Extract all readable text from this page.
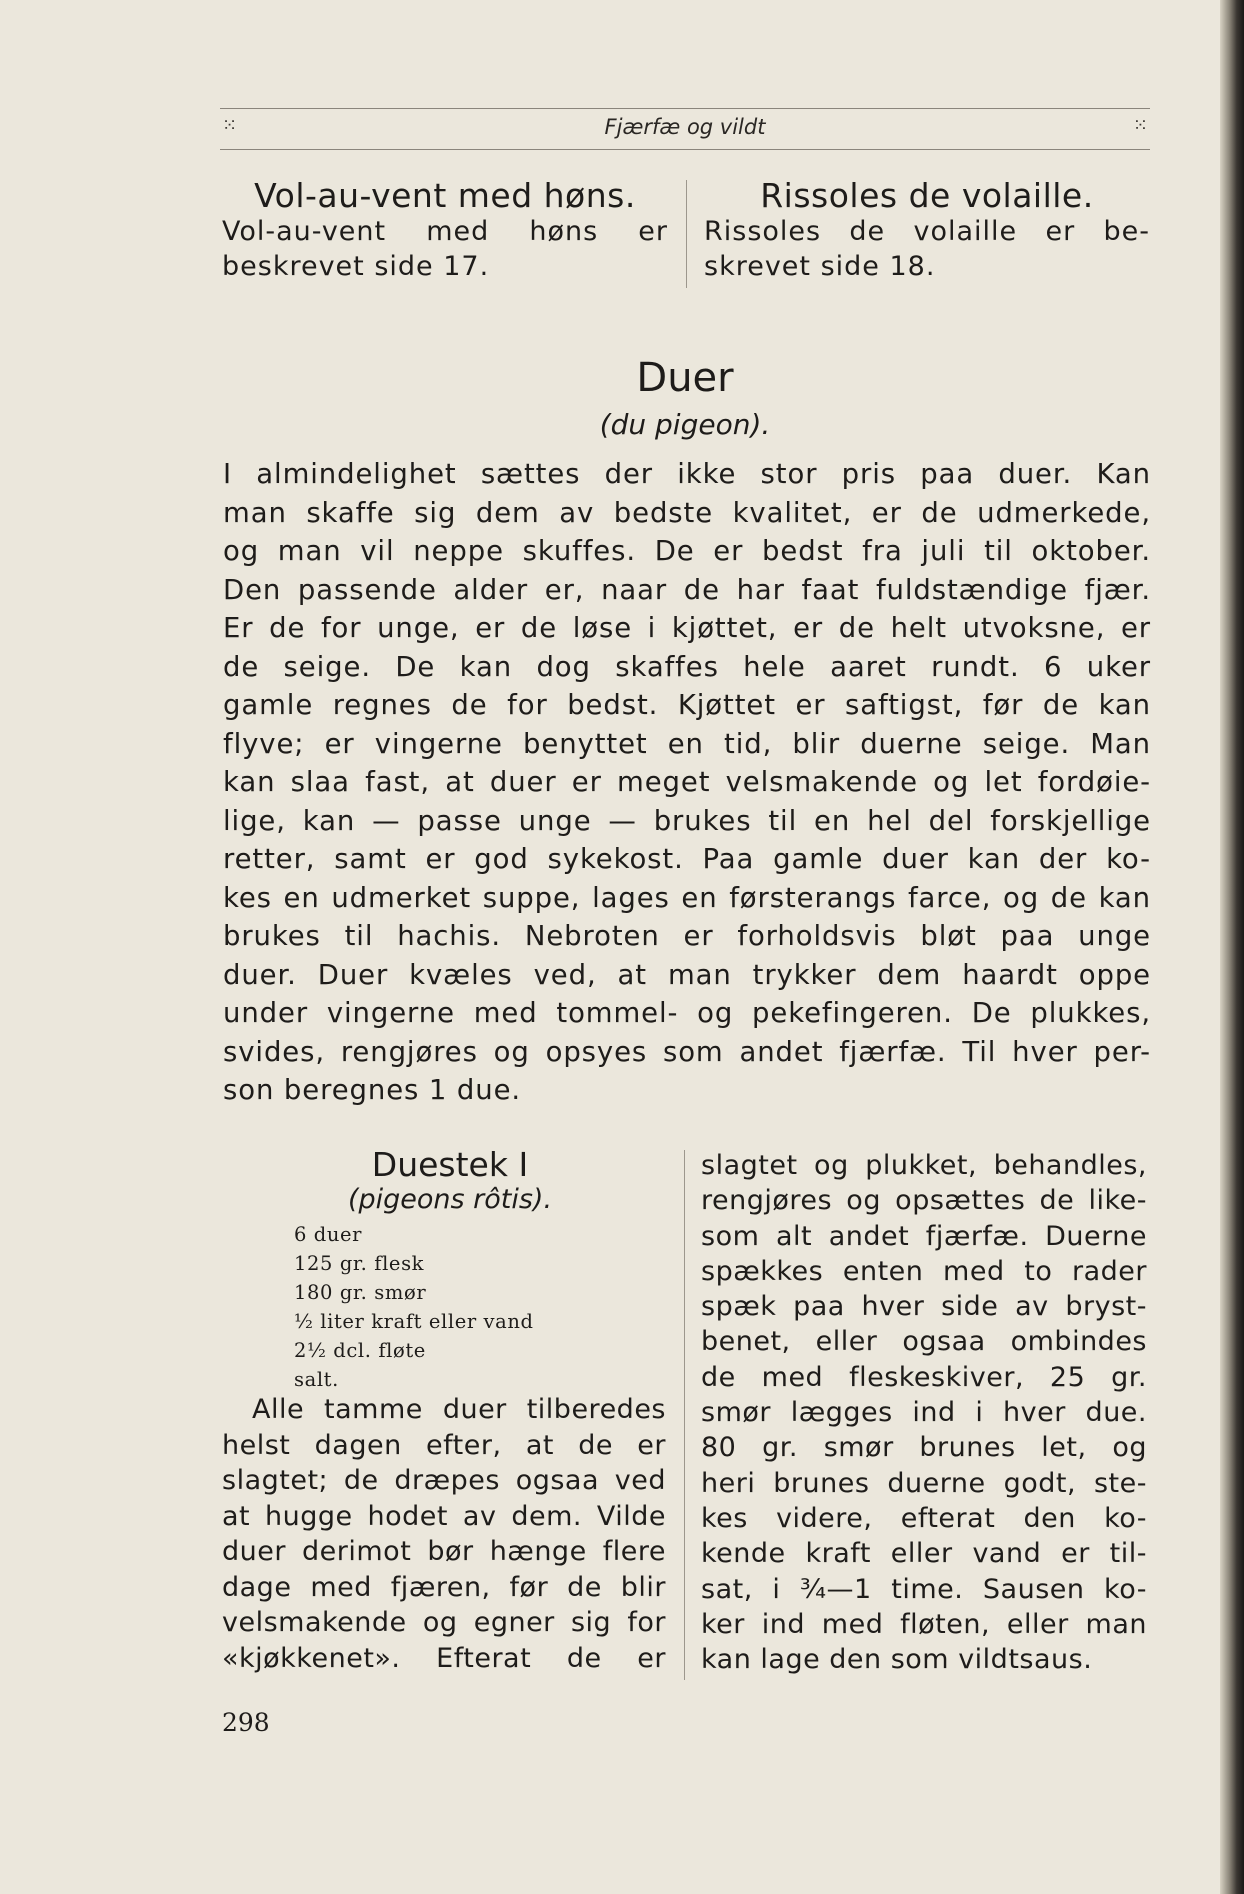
⁙	Fjærfæ og vildt	⁙
Vol-au-vent med høns.
Vol-au-vent med høns er
beskrevet side 17.
Rissoles de volaille.
Rissoles de volaille er be-
skrevet side 18.
Duer
(du pigeon).
I almindelighet sættes der ikke stor pris paa duer. Kan
man skaffe sig dem av bedste kvalitet, er de udmerkede,
og man vil neppe skuffes. De er bedst fra juli til oktober.
Den passende alder er, naar de har faat fuldstændige fjær.
Er de for unge, er de løse i kjøttet, er de helt utvoksne, er
de seige. De kan dog skaffes hele aaret rundt. 6 uker
gamle regnes de for bedst. Kjøttet er saftigst, før de kan
flyve; er vingerne benyttet en tid, blir duerne seige. Man
kan slaa fast, at duer er meget velsmakende og let fordøie-
lige, kan — passe unge — brukes til en hel del forskjellige
retter, samt er god sykekost. Paa gamle duer kan der ko-
kes en udmerket suppe, lages en førsterangs farce, og de kan
brukes til hachis. Nebroten er forholdsvis bløt paa unge
duer. Duer kvæles ved, at man trykker dem haardt oppe
under vingerne med tommel- og pekefingeren. De plukkes,
svides, rengjøres og opsyes som andet fjærfæ. Til hver per-
son beregnes 1 due.
Duestek I
(pigeons rôtis).
6 duer
125 gr. flesk
180 gr. smør
½ liter kraft eller vand
2½ dcl. fløte
salt.
Alle tamme duer tilberedes
helst dagen efter, at de er
slagtet; de dræpes ogsaa ved
at hugge hodet av dem. Vilde
duer derimot bør hænge flere
dage med fjæren, før de blir
velsmakende og egner sig for
«kjøkkenet». Efterat de er
slagtet og plukket, behandles,
rengjøres og opsættes de like-
som alt andet fjærfæ. Duerne
spækkes enten med to rader
spæk paa hver side av bryst-
benet, eller ogsaa ombindes
de med fleskeskiver, 25 gr.
smør lægges ind i hver due.
80 gr. smør brunes let, og
heri brunes duerne godt, ste-
kes videre, efterat den ko-
kende kraft eller vand er til-
sat, i ¾—1 time. Sausen ko-
ker ind med fløten, eller man
kan lage den som vildtsaus.
298
